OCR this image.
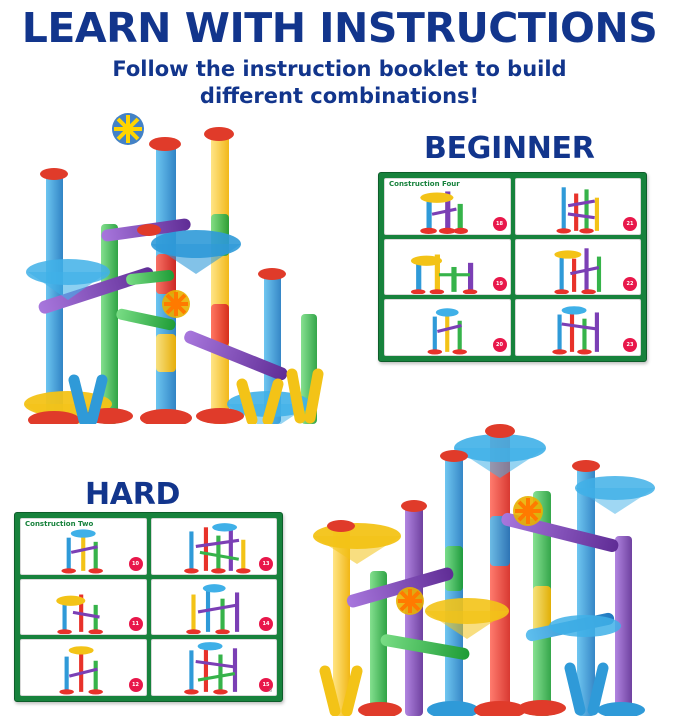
LEARN WITH INSTRUCTIONS

Follow the instruction booklet to build different combinations!

BEGINNER
HARD
Construction Four
18	21
19	22
20	23
Construction Two
10	13
11	14
12	15
6
